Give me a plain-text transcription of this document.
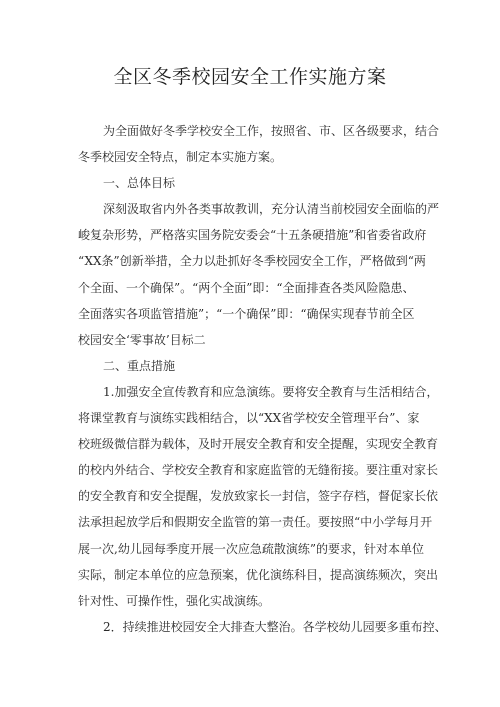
全区冬季校园安全工作实施方案
为全面做好冬季学校安全工作，按照省、市、区各级要求，结合
冬季校园安全特点，制定本实施方案。
一、总体目标
深刻汲取省内外各类事故教训，充分认清当前校园安全面临的严
峻复杂形势，严格落实国务院安委会“十五条硬措施”和省委省政府
“XX条”创新举措，全力以赴抓好冬季校园安全工作，严格做到“两
个全面、一个确保”。“两个全面”即：“全面排查各类风险隐患、
全面落实各项监管措施”；“一个确保”即：“确保实现春节前全区
校园安全‘零事故’目标二
二、重点措施
1.加强安全宣传教育和应急演练。要将安全教育与生活相结合，
将课堂教育与演练实践相结合，以“XX省学校安全管理平台”、家
校班级微信群为载体，及时开展安全教育和安全提醒，实现安全教育
的校内外结合、学校安全教育和家庭监管的无缝衔接。要注重对家长
的安全教育和安全提醒，发放致家长一封信，签字存档，督促家长依
法承担起放学后和假期安全监管的第一责任。要按照“中小学每月开
展一次,幼儿园每季度开展一次应急疏散演练”的要求，针对本单位
实际，制定本单位的应急预案，优化演练科目，提高演练频次，突出
针对性、可操作性，强化实战演练。
2．持续推进校园安全大排查大整治。各学校幼儿园要多重布控、
